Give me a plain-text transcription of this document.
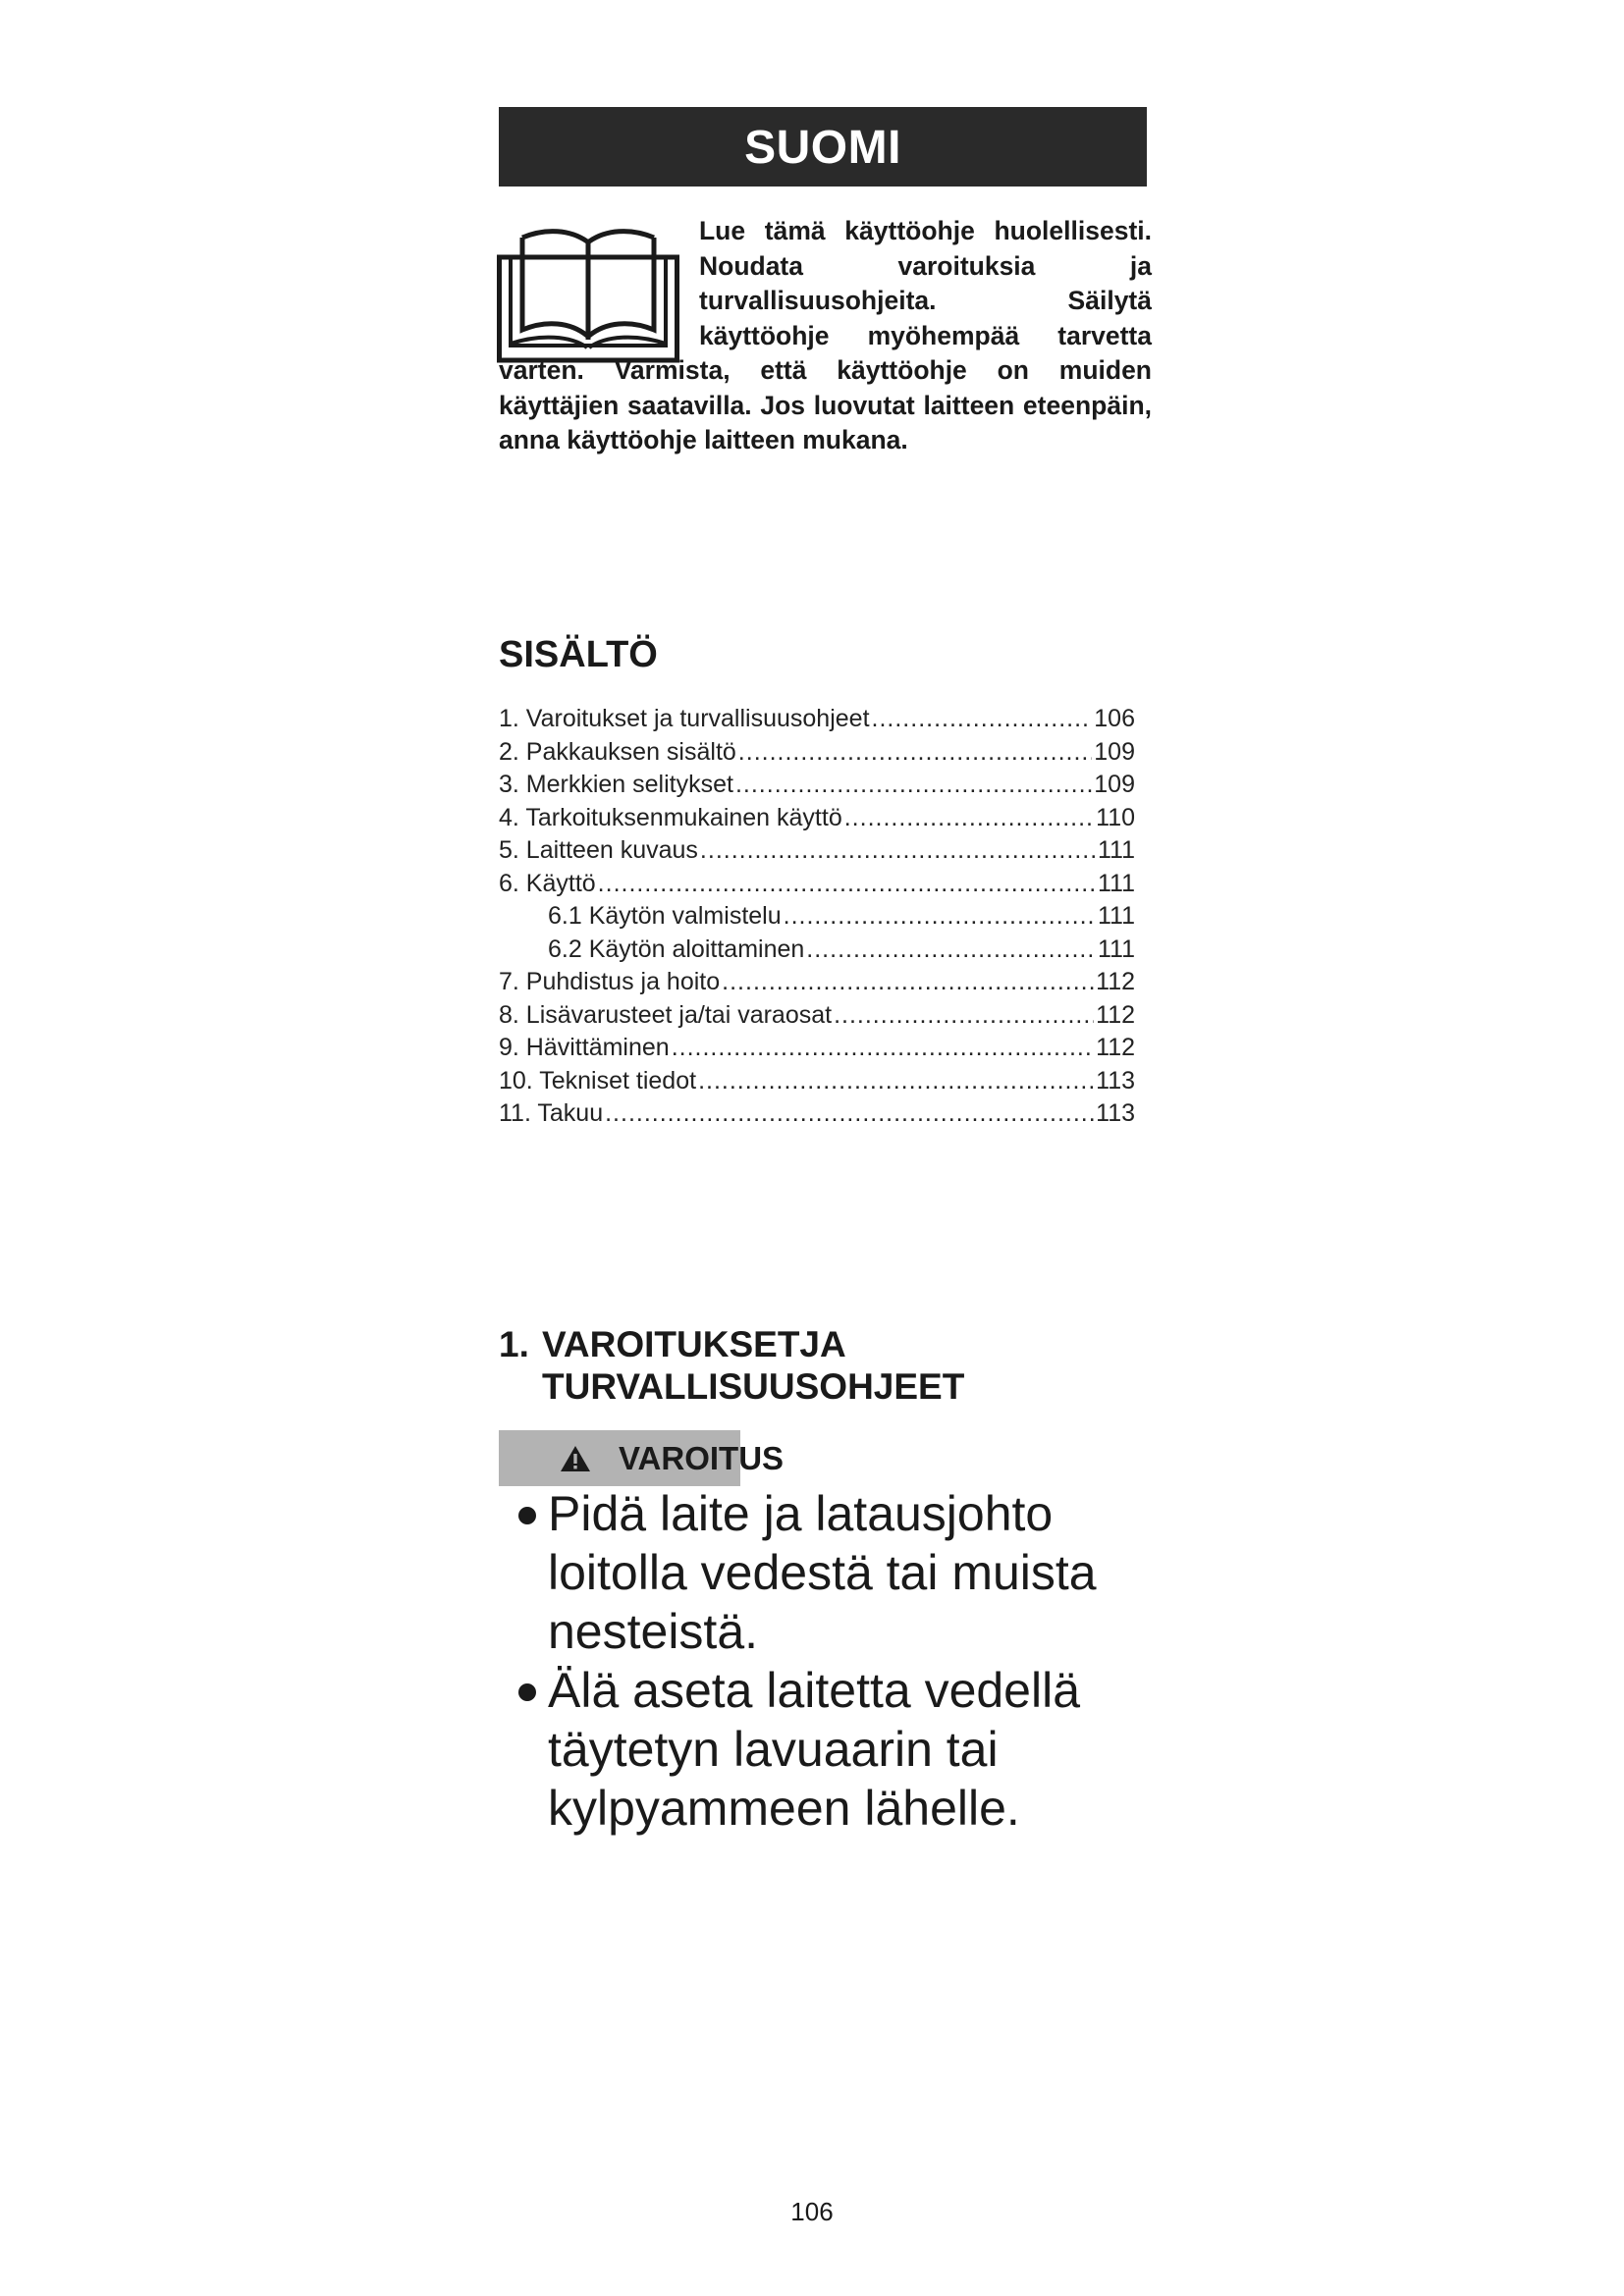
SUOMI
Lue tämä käyttöohje huolellisesti. Noudata varoituksia ja turvallisuusohjeita. Säilytä käyttöohje myöhempää tarvetta varten. Varmista, että käyttöohje on muiden käyttäjien saatavilla. Jos luovutat laitteen eteenpäin, anna käyttöohje laitteen mukana.
SISÄLTÖ
1. Varoitukset ja turvallisuusohjeet .....	106
2. Pakkauksen sisältö .....	109
3. Merkkien selitykset .....	109
4. Tarkoituksenmukainen käyttö .....	110
5. Laitteen kuvaus .....	111
6. Käyttö .....	111
6.1 Käytön valmistelu .....	111
6.2 Käytön aloittaminen .....	111
7. Puhdistus ja hoito .....	112
8. Lisävarusteet ja/tai varaosat .....	112
9. Hävittäminen .....	112
10. Tekniset tiedot .....	113
11. Takuu .....	113
1. VAROITUKSETJA
TURVALLISUUSOHJEET
VAROITUS
Pidä laite ja latausjohto loitolla vedestä tai muista nesteistä.
Älä aseta laitetta vedellä täytetyn lavuaarin tai kylpyammeen lähelle.
106
